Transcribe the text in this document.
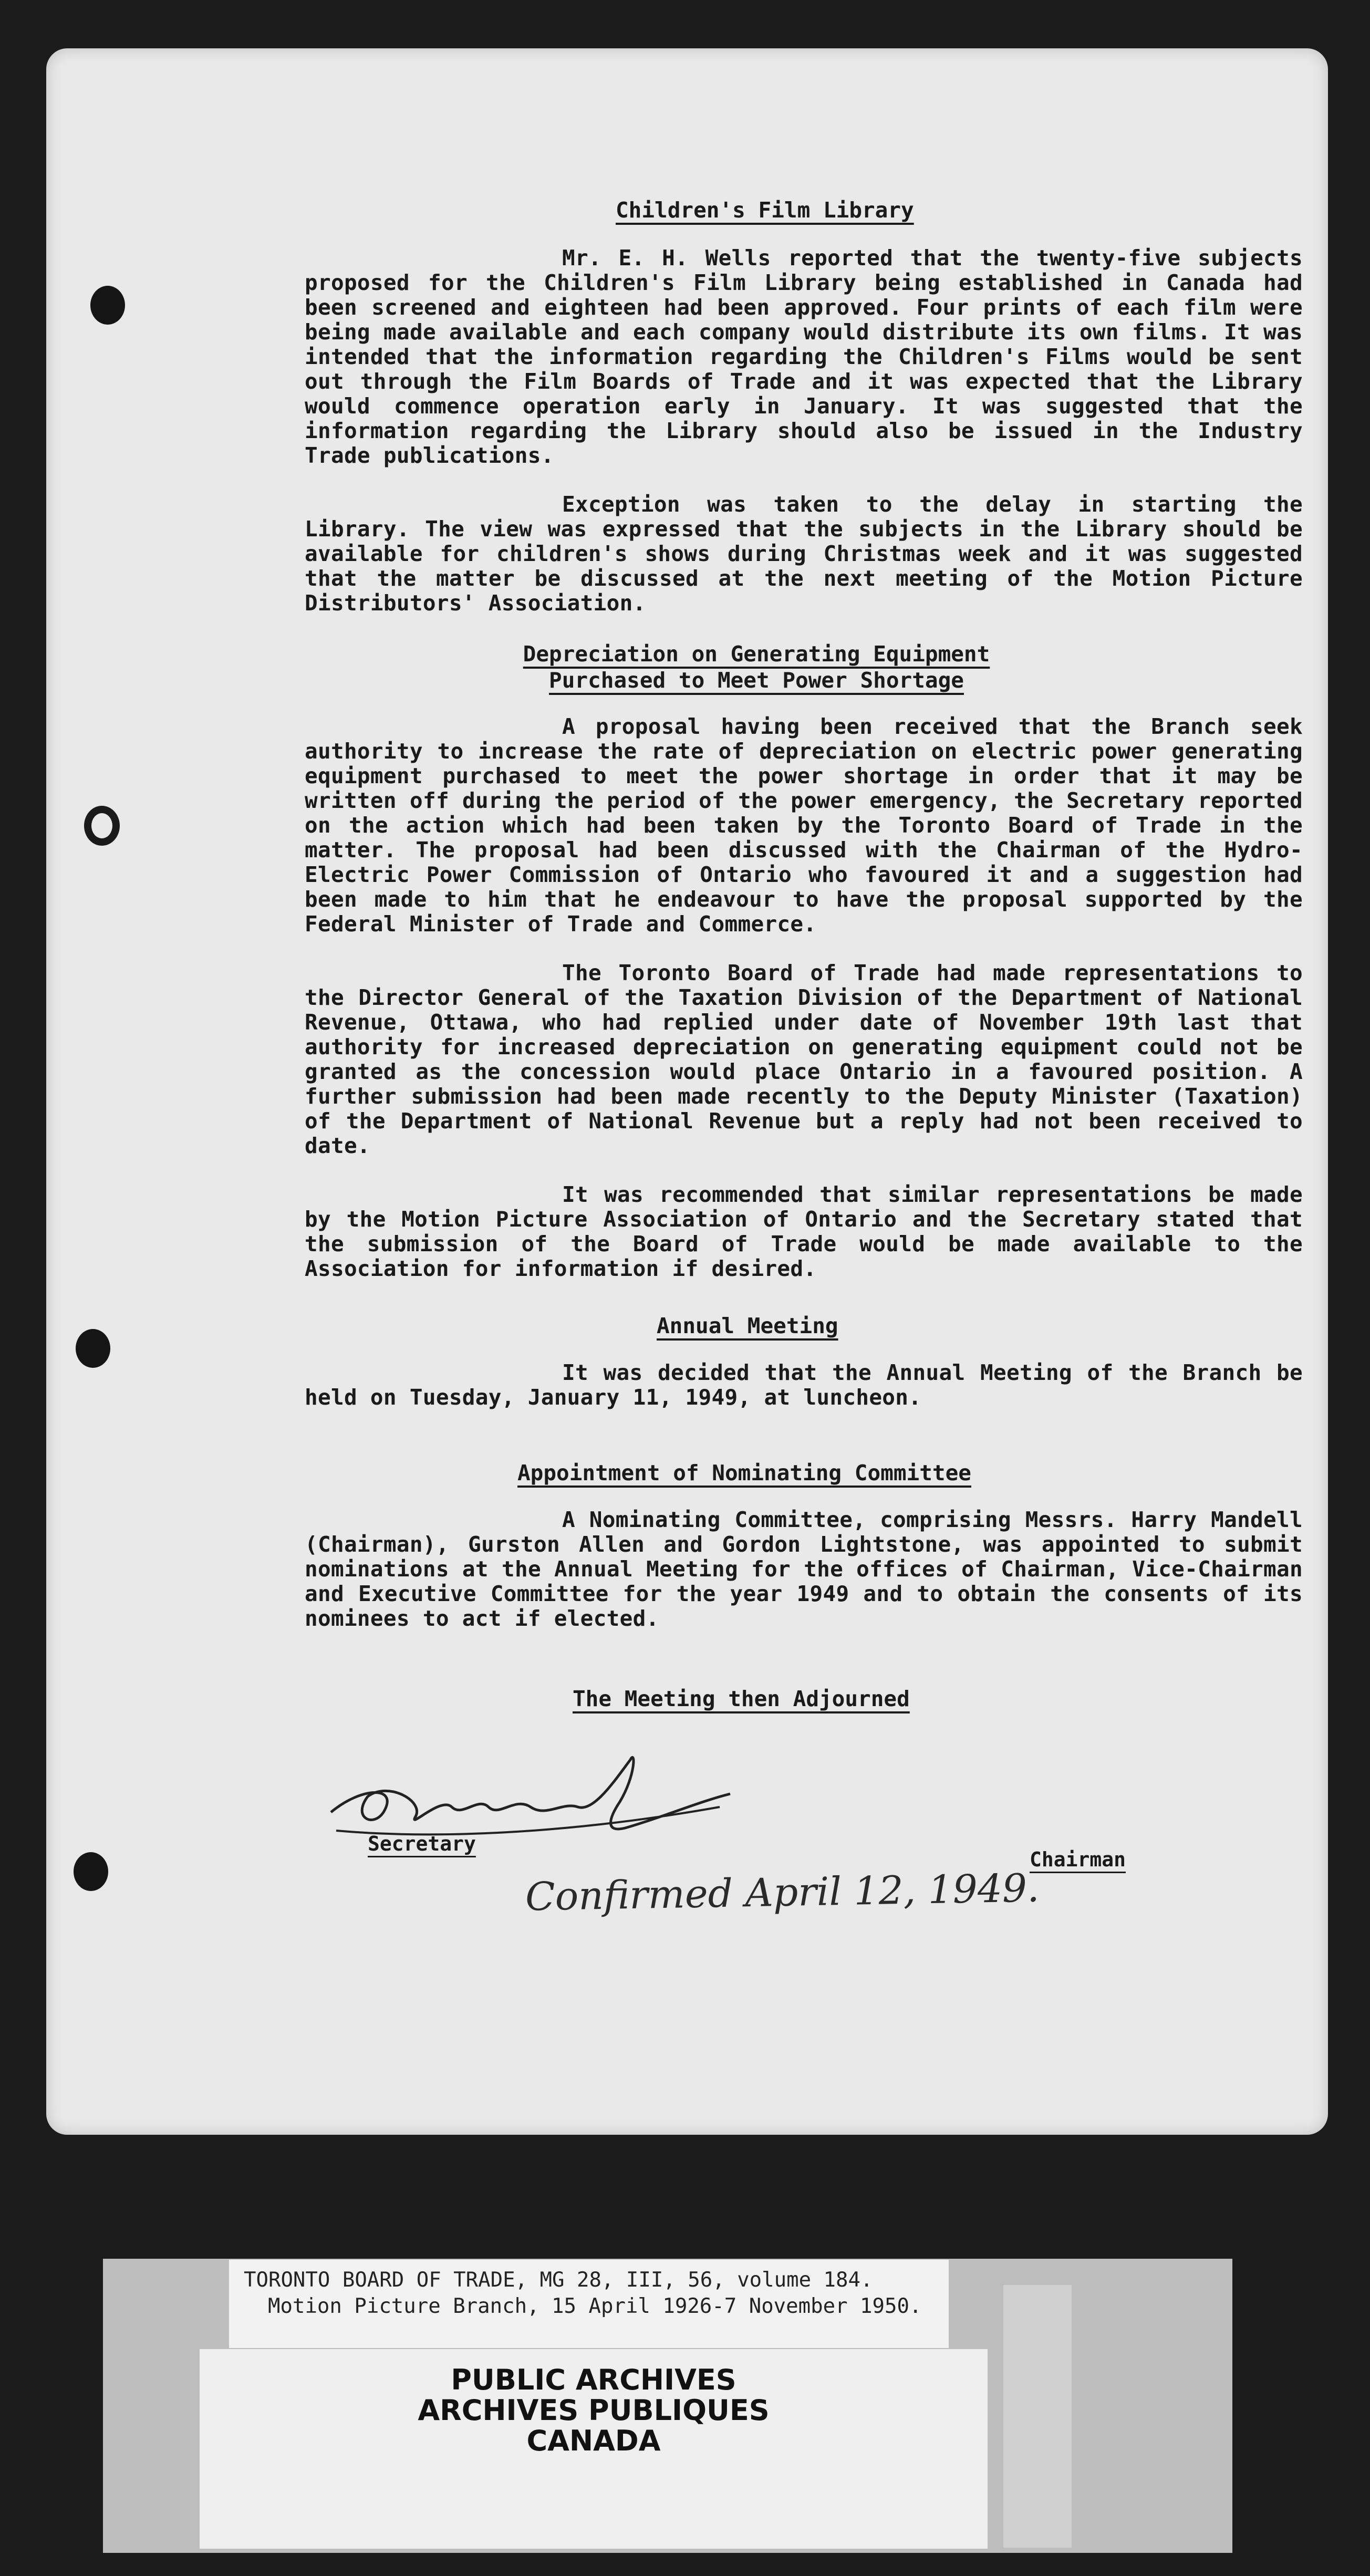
Children's Film Library

Mr. E. H. Wells reported that the twenty-five subjects proposed for the Children's Film Library being established in Canada had been screened and eighteen had been approved. Four prints of each film were being made available and each company would distribute its own films. It was intended that the information regarding the Children's Films would be sent out through the Film Boards of Trade and it was expected that the Library would commence operation early in January. It was suggested that the information regarding the Library should also be issued in the Industry Trade publications.

Exception was taken to the delay in starting the Library. The view was expressed that the subjects in the Library should be available for children's shows during Christmas week and it was suggested that the matter be discussed at the next meeting of the Motion Picture Distributors' Association.

Depreciation on Generating Equipment
Purchased to Meet Power Shortage

A proposal having been received that the Branch seek authority to increase the rate of depreciation on electric power generating equipment purchased to meet the power shortage in order that it may be written off during the period of the power emergency, the Secretary reported on the action which had been taken by the Toronto Board of Trade in the matter. The proposal had been discussed with the Chairman of the Hydro-Electric Power Commission of Ontario who favoured it and a suggestion had been made to him that he endeavour to have the proposal supported by the Federal Minister of Trade and Commerce.

The Toronto Board of Trade had made representations to the Director General of the Taxation Division of the Department of National Revenue, Ottawa, who had replied under date of November 19th last that authority for increased depreciation on generating equipment could not be granted as the concession would place Ontario in a favoured position. A further submission had been made recently to the Deputy Minister (Taxation) of the Department of National Revenue but a reply had not been received to date.

It was recommended that similar representations be made by the Motion Picture Association of Ontario and the Secretary stated that the submission of the Board of Trade would be made available to the Association for information if desired.

Annual Meeting

It was decided that the Annual Meeting of the Branch be held on Tuesday, January 11, 1949, at luncheon.

Appointment of Nominating Committee

A Nominating Committee, comprising Messrs. Harry Mandell (Chairman), Gurston Allen and Gordon Lightstone, was appointed to submit nominations at the Annual Meeting for the offices of Chairman, Vice-Chairman and Executive Committee for the year 1949 and to obtain the consents of its nominees to act if elected.

The Meeting then Adjourned
Secretary
Chairman
Confirmed April 12, 1949.
TORONTO BOARD OF TRADE, MG 28, III, 56, volume 184.
Motion Picture Branch, 15 April 1926-7 November 1950.
PUBLIC ARCHIVES
ARCHIVES PUBLIQUES
CANADA
